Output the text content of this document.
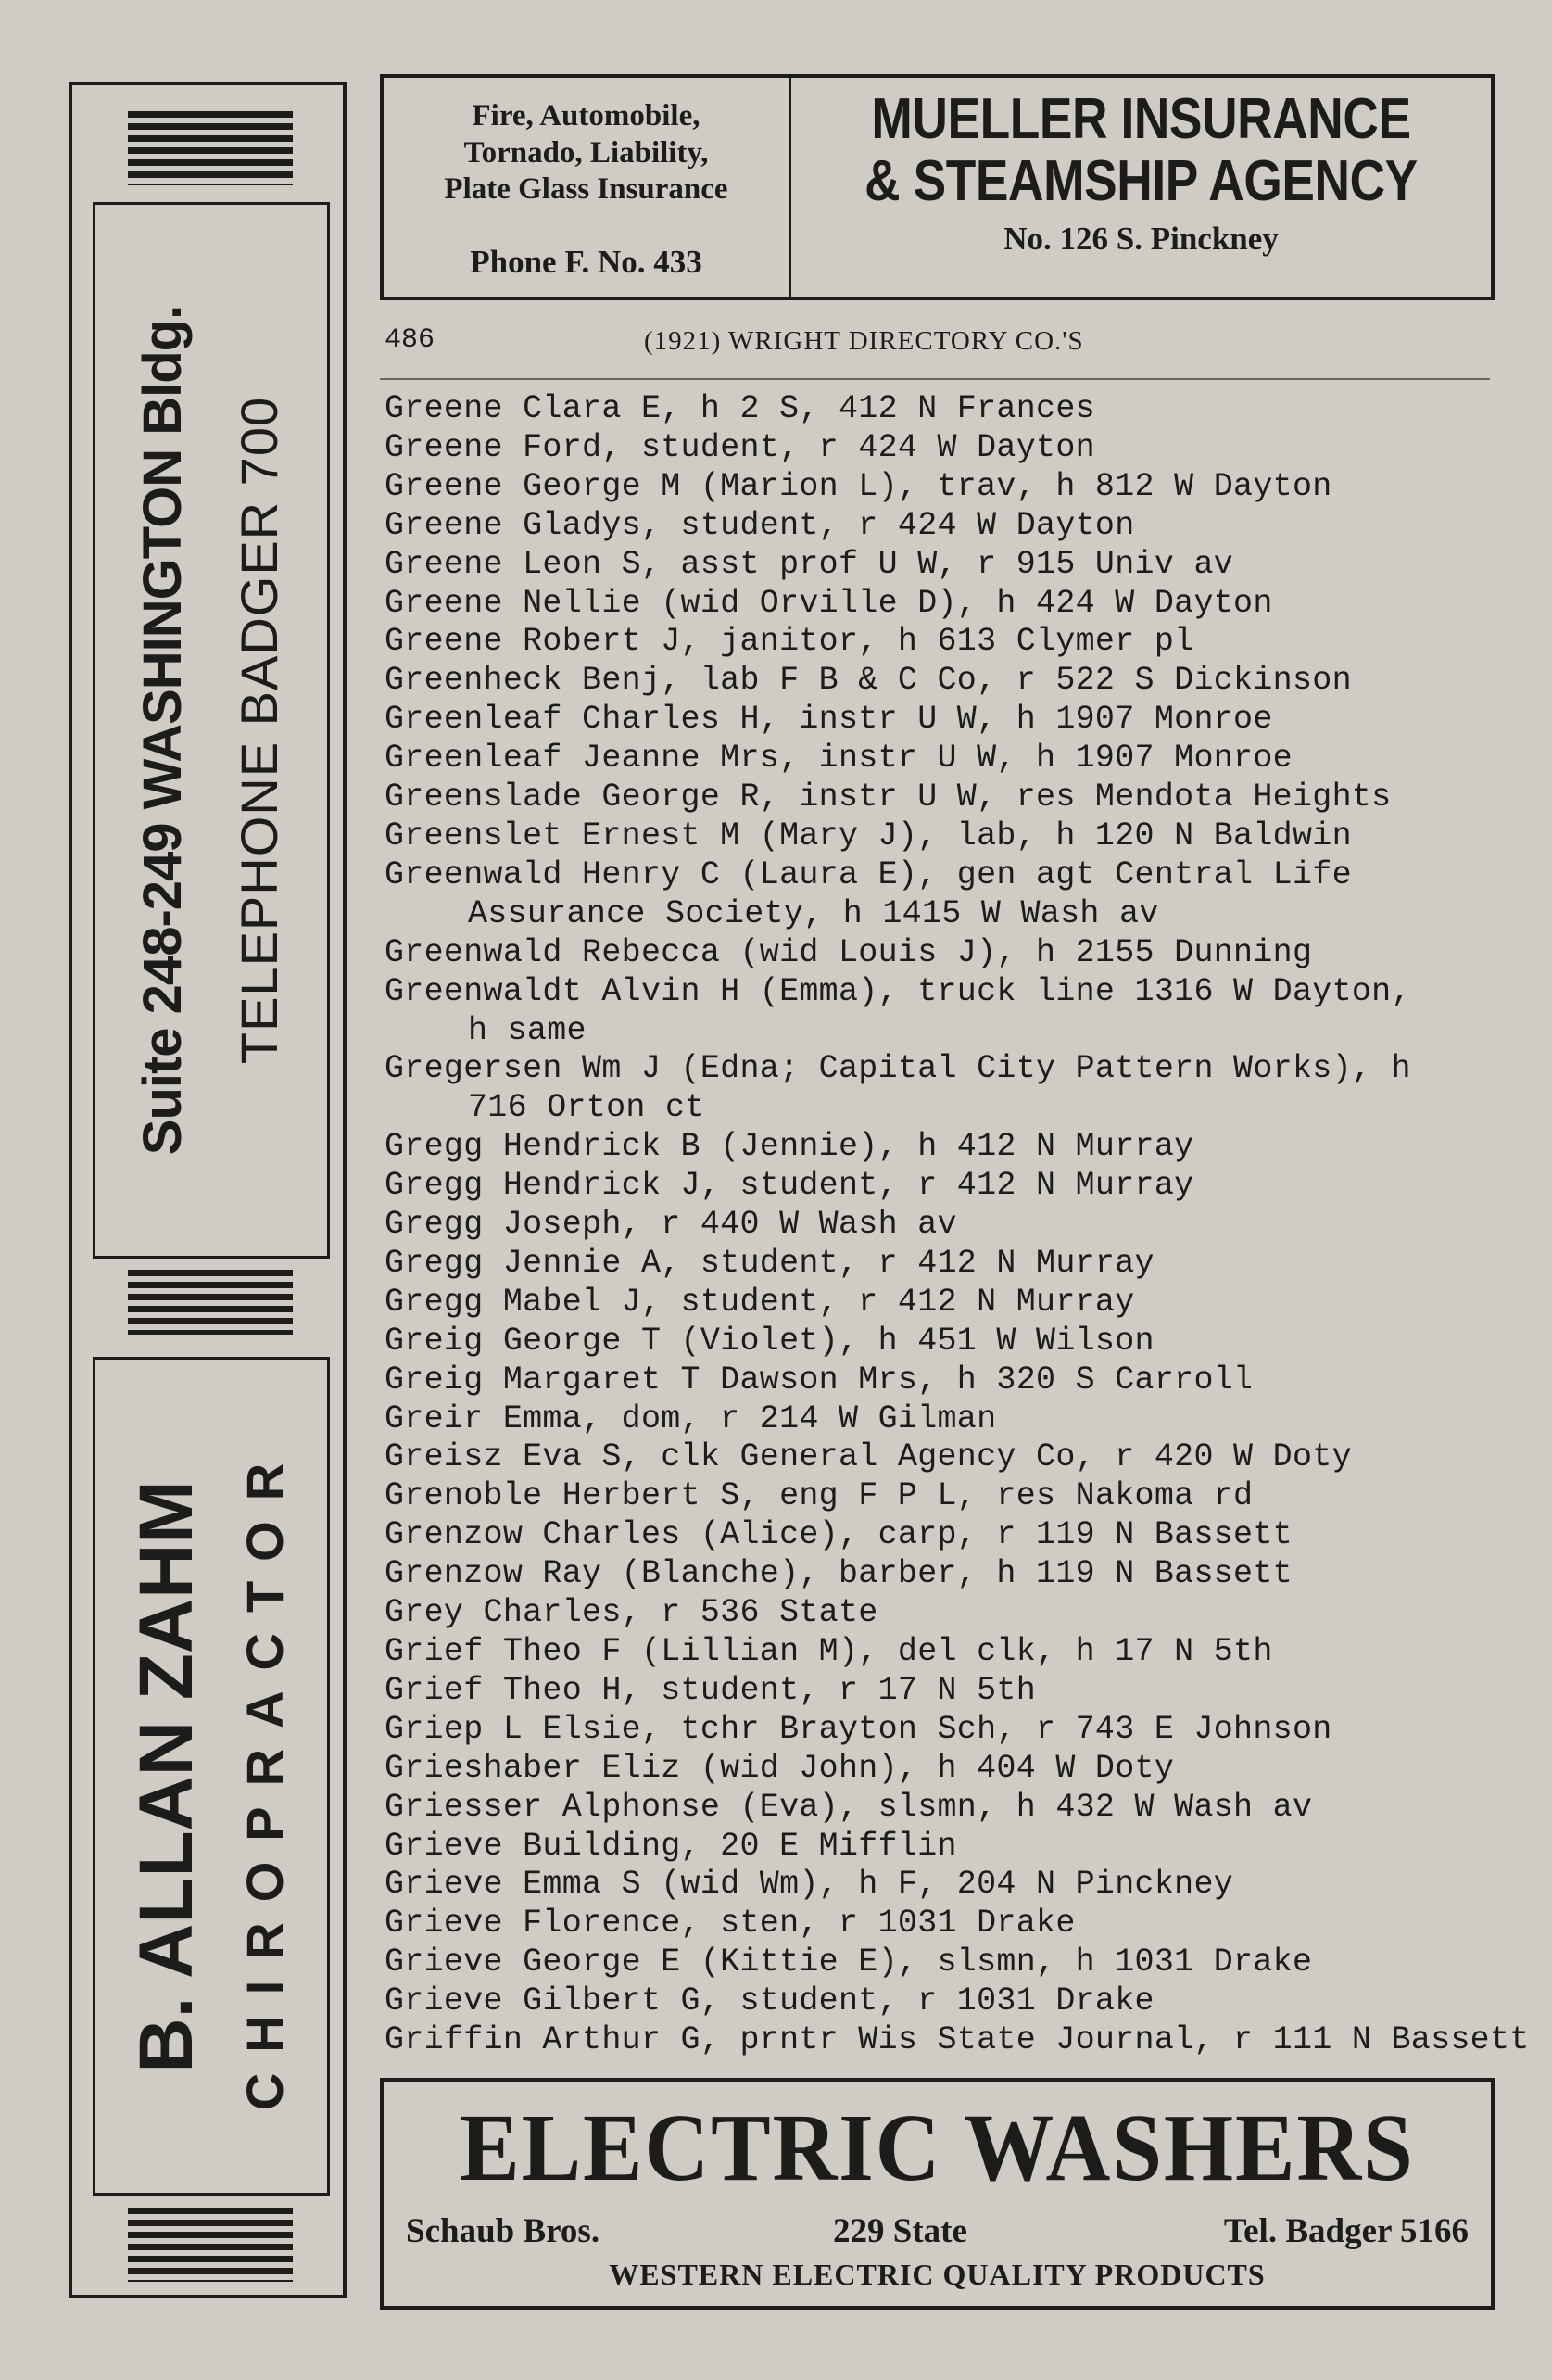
Suite 248-249 WASHINGTON Bldg. TELEPHONE BADGER 700
B. ALLAN ZAHM CHIROPRACTOR
Fire, Automobile,
Tornado, Liability,
Plate Glass Insurance
Phone F. No. 433
MUELLER INSURANCE
& STEAMSHIP AGENCY
No. 126 S. Pinckney
486	(1921) WRIGHT DIRECTORY CO.'S
Greene Clara E, h 2 S, 412 N Frances
Greene Ford, student, r 424 W Dayton
Greene George M (Marion L), trav, h 812 W Dayton
Greene Gladys, student, r 424 W Dayton
Greene Leon S, asst prof U W, r 915 Univ av
Greene Nellie (wid Orville D), h 424 W Dayton
Greene Robert J, janitor, h 613 Clymer pl
Greenheck Benj, lab F B & C Co, r 522 S Dickinson
Greenleaf Charles H, instr U W, h 1907 Monroe
Greenleaf Jeanne Mrs, instr U W, h 1907 Monroe
Greenslade George R, instr U W, res Mendota Heights
Greenslet Ernest M (Mary J), lab, h 120 N Baldwin
Greenwald Henry C (Laura E), gen agt Central Life
Assurance Society, h 1415 W Wash av
Greenwald Rebecca (wid Louis J), h 2155 Dunning
Greenwaldt Alvin H (Emma), truck line 1316 W Dayton,
h same
Gregersen Wm J (Edna; Capital City Pattern Works), h
716 Orton ct
Gregg Hendrick B (Jennie), h 412 N Murray
Gregg Hendrick J, student, r 412 N Murray
Gregg Joseph, r 440 W Wash av
Gregg Jennie A, student, r 412 N Murray
Gregg Mabel J, student, r 412 N Murray
Greig George T (Violet), h 451 W Wilson
Greig Margaret T Dawson Mrs, h 320 S Carroll
Greir Emma, dom, r 214 W Gilman
Greisz Eva S, clk General Agency Co, r 420 W Doty
Grenoble Herbert S, eng F P L, res Nakoma rd
Grenzow Charles (Alice), carp, r 119 N Bassett
Grenzow Ray (Blanche), barber, h 119 N Bassett
Grey Charles, r 536 State
Grief Theo F (Lillian M), del clk, h 17 N 5th
Grief Theo H, student, r 17 N 5th
Griep L Elsie, tchr Brayton Sch, r 743 E Johnson
Grieshaber Eliz (wid John), h 404 W Doty
Griesser Alphonse (Eva), slsmn, h 432 W Wash av
Grieve Building, 20 E Mifflin
Grieve Emma S (wid Wm), h F, 204 N Pinckney
Grieve Florence, sten, r 1031 Drake
Grieve George E (Kittie E), slsmn, h 1031 Drake
Grieve Gilbert G, student, r 1031 Drake
Griffin Arthur G, prntr Wis State Journal, r 111 N Bassett
ELECTRIC WASHERS
Schaub Bros.	229 State	Tel. Badger 5166
WESTERN ELECTRIC QUALITY PRODUCTS
